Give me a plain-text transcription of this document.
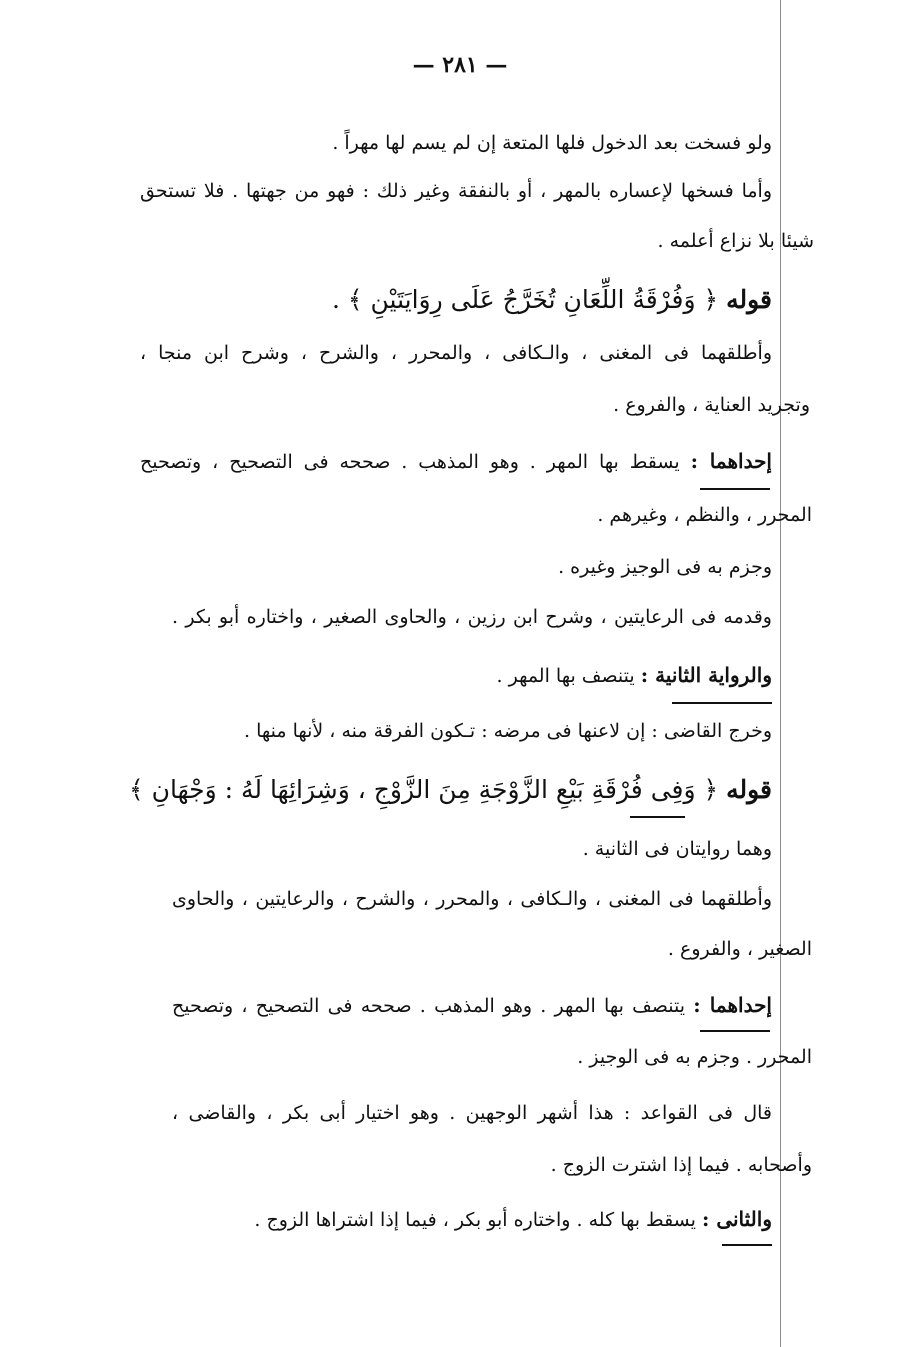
— ٢٨١ —
ولو فسخت بعد الدخول فلها المتعة إن لم يسم لها مهراً .
وأما فسخها لإعساره بالمهر ، أو بالنفقة وغير ذلك : فهو من جهتها . فلا تستحق
شيئا بلا نزاع أعلمه .
قوله ﴿ وَفُرْقَةُ اللِّعَانِ تُخَرَّجُ عَلَى رِوَايَتَيْنِ ﴾ .
وأطلقهما فى المغنى ، والـكافى ، والمحرر ، والشرح ، وشرح ابن منجا ،
وتجريد العناية ، والفروع .
إحداهما : يسقط بها المهر . وهو المذهب . صححه فى التصحيح ، وتصحيح
المحرر ، والنظم ، وغيرهم .
وجزم به فى الوجيز وغيره .
وقدمه فى الرعايتين ، وشرح ابن رزين ، والحاوى الصغير ، واختاره أبو بكر .
والرواية الثانية : يتنصف بها المهر .
وخرج القاضى : إن لاعنها فى مرضه : تـكون الفرقة منه ، لأنها منها .
قوله ﴿ وَفِى فُرْقَةِ بَيْعِ الزَّوْجَةِ مِنَ الزَّوْجِ ، وَشِرَائِهَا لَهُ : وَجْهَانِ ﴾
وهما روايتان فى الثانية .
وأطلقهما فى المغنى ، والـكافى ، والمحرر ، والشرح ، والرعايتين ، والحاوى
الصغير ، والفروع .
إحداهما : يتنصف بها المهر . وهو المذهب . صححه فى التصحيح ، وتصحيح
المحرر . وجزم به فى الوجيز .
قال فى القواعد : هذا أشهر الوجهين . وهو اختيار أبى بكر ، والقاضى ،
وأصحابه . فيما إذا اشترت الزوج .
والثانى : يسقط بها كله . واختاره أبو بكر ، فيما إذا اشتراها الزوج .
